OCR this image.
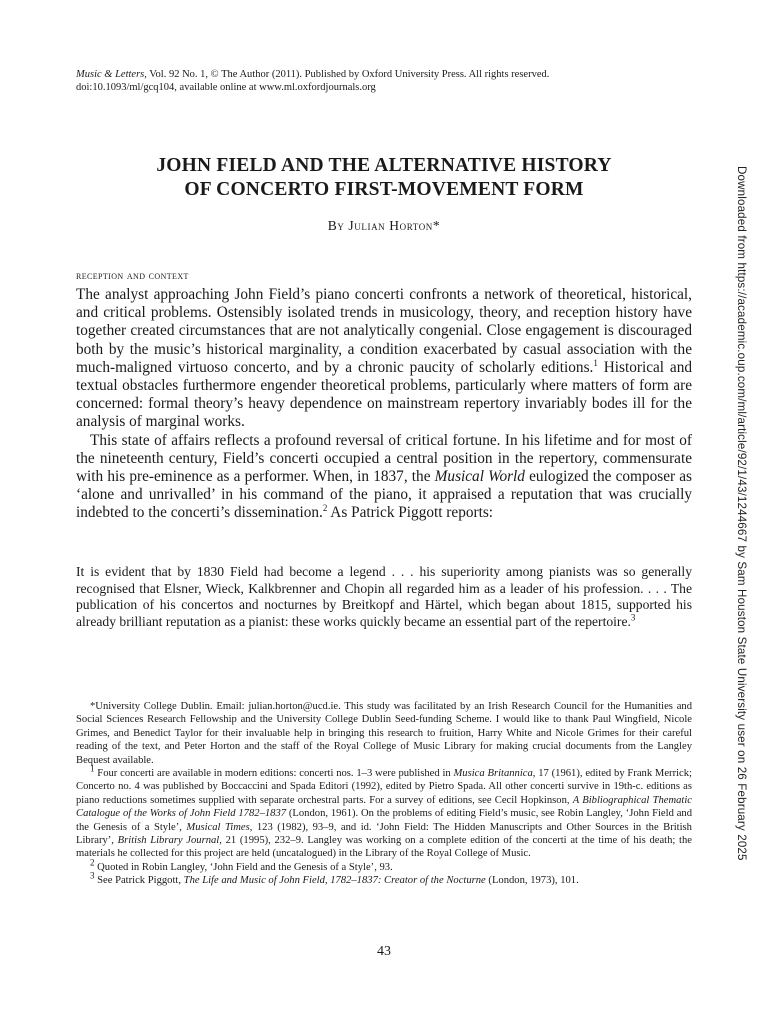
Music & Letters, Vol. 92 No. 1, © The Author (2011). Published by Oxford University Press. All rights reserved.
doi:10.1093/ml/gcq104, available online at www.ml.oxfordjournals.org
JOHN FIELD AND THE ALTERNATIVE HISTORY
OF CONCERTO FIRST-MOVEMENT FORM
By Julian Horton*
reception and context

The analyst approaching John Field’s piano concerti confronts a network of theoretical, historical, and critical problems. Ostensibly isolated trends in musicology, theory, and reception history have together created circumstances that are not analytically congenial. Close engagement is discouraged both by the music’s historical marginality, a condition exacerbated by casual association with the much-maligned virtuoso concerto, and by a chronic paucity of scholarly editions.$^1$ Historical and textual obstacles furthermore engender theoretical problems, particularly where matters of form are concerned: formal theory’s heavy dependence on mainstream repertory invariably bodes ill for the analysis of marginal works.

This state of affairs reflects a profound reversal of critical fortune. In his lifetime and for most of the nineteenth century, Field’s concerti occupied a central position in the repertory, commensurate with his pre-eminence as a performer. When, in 1837, the Musical World eulogized the composer as ‘alone and unrivalled’ in his command of the piano, it appraised a reputation that was crucially indebted to the concerti’s dissemination.$^2$ As Patrick Piggott reports:

It is evident that by 1830 Field had become a legend . . . his superiority among pianists was so generally recognised that Elsner, Wieck, Kalkbrenner and Chopin all regarded him as a leader of his profession. . . . The publication of his concertos and nocturnes by Breitkopf and Härtel, which began about 1815, supported his already brilliant reputation as a pianist: these works quickly became an essential part of the repertoire.$^3$

*University College Dublin. Email: julian.horton@ucd.ie. This study was facilitated by an Irish Research Council for the Humanities and Social Sciences Research Fellowship and the University College Dublin Seed-funding Scheme. I would like to thank Paul Wingfield, Nicole Grimes, and Benedict Taylor for their invaluable help in bringing this research to fruition, Harry White and Nicole Grimes for their careful reading of the text, and Peter Horton and the staff of the Royal College of Music Library for making crucial documents from the Langley Bequest available.

$^1$ Four concerti are available in modern editions: concerti nos. 1–3 were published in Musica Britannica, 17 (1961), edited by Frank Merrick; Concerto no. 4 was published by Boccaccini and Spada Editori (1992), edited by Pietro Spada. All other concerti survive in 19th-c. editions as piano reductions sometimes supplied with separate orchestral parts. For a survey of editions, see Cecil Hopkinson, A Bibliographical Thematic Catalogue of the Works of John Field 1782–1837 (London, 1961). On the problems of editing Field’s music, see Robin Langley, ‘John Field and the Genesis of a Style’, Musical Times, 123 (1982), 93–9, and id. ‘John Field: The Hidden Manuscripts and Other Sources in the British Library’, British Library Journal, 21 (1995), 232–9. Langley was working on a complete edition of the concerti at the time of his death; the materials he collected for this project are held (uncatalogued) in the Library of the Royal College of Music.

$^2$ Quoted in Robin Langley, ‘John Field and the Genesis of a Style’, 93.

$^3$ See Patrick Piggott, The Life and Music of John Field, 1782–1837: Creator of the Nocturne (London, 1973), 101.

43
Downloaded from https://academic.oup.com/ml/article/92/1/43/1244667 by Sam Houston State University user on 26 February 2025
